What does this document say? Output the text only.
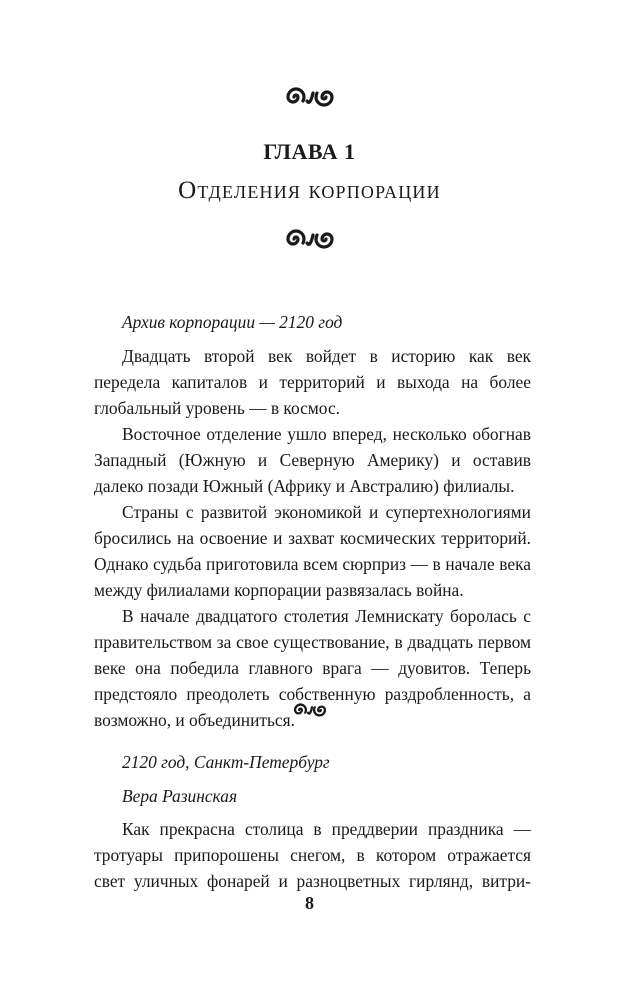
ГЛАВА 1
Отделения корпорации
Архив корпорации — 2120 год

Двадцать второй век войдет в историю как век передела капиталов и территорий и выхода на более глобальный уровень — в космос.

Восточное отделение ушло вперед, несколько обогнав Западный (Южную и Северную Америку) и оставив далеко позади Южный (Африку и Австралию) филиалы.

Страны с развитой экономикой и супертехнологиями бросились на освоение и захват космических территорий. Однако судьба приготовила всем сюрприз — в начале века между филиалами корпорации развязалась война.

В начале двадцатого столетия Лемнискату боролась с правительством за свое существование, в двадцать первом веке она победила главного врага — дуовитов. Теперь предстояло преодолеть собственную раздробленность, а возможно, и объединиться.

2120 год, Санкт-Петербург
Вера Разинская

Как прекрасна столица в преддверии праздника — тротуары припорошены снегом, в котором отражается свет уличных фонарей и разноцветных гирлянд, витри-

8
